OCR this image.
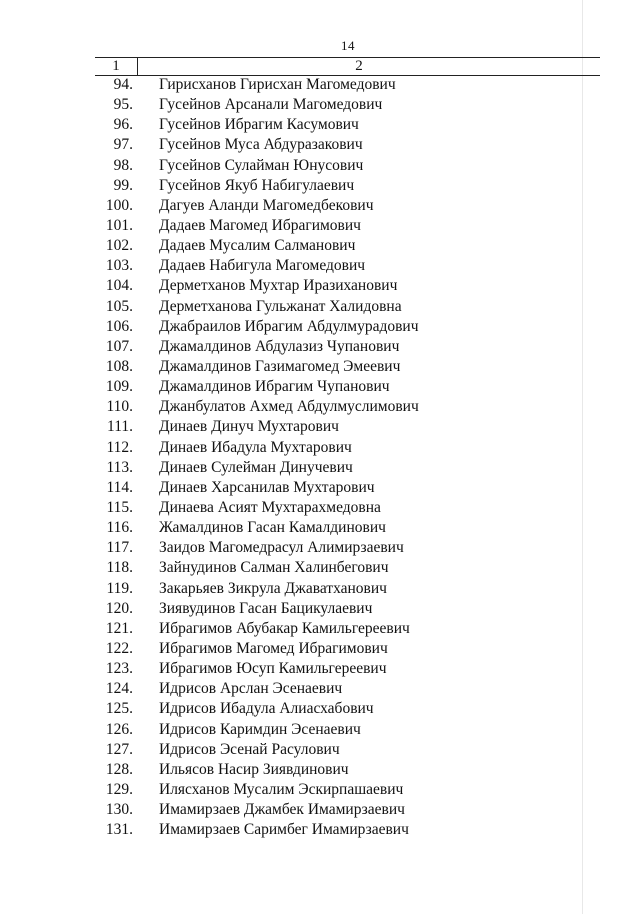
14
1	2
94.	Гирисханов Гирисхан Магомедович
95.	Гусейнов Арсанали Магомедович
96.	Гусейнов Ибрагим Касумович
97.	Гусейнов Муса Абдуразакович
98.	Гусейнов Сулайман Юнусович
99.	Гусейнов Якуб Набигулаевич
100.	Дагуев Аланди Магомедбекович
101.	Дадаев Магомед Ибрагимович
102.	Дадаев Мусалим Салманович
103.	Дадаев Набигула Магомедович
104.	Дерметханов Мухтар Иразиханович
105.	Дерметханова Гульжанат Халидовна
106.	Джабраилов Ибрагим Абдулмурадович
107.	Джамалдинов Абдулазиз Чупанович
108.	Джамалдинов Газимагомед Эмеевич
109.	Джамалдинов Ибрагим Чупанович
110.	Джанбулатов Ахмед Абдулмуслимович
111.	Динаев Динуч Мухтарович
112.	Динаев Ибадула Мухтарович
113.	Динаев Сулейман Динучевич
114.	Динаев Харсанилав Мухтарович
115.	Динаева Асият Мухтарахмедовна
116.	Жамалдинов Гасан Камалдинович
117.	Заидов Магомедрасул Алимирзаевич
118.	Зайнудинов Салман Халинбегович
119.	Закарьяев Зикрула Джаватханович
120.	Зиявудинов Гасан Бацикулаевич
121.	Ибрагимов Абубакар Камильгереевич
122.	Ибрагимов Магомед Ибрагимович
123.	Ибрагимов Юсуп Камильгереевич
124.	Идрисов Арслан Эсенаевич
125.	Идрисов Ибадула Алиасхабович
126.	Идрисов Каримдин Эсенаевич
127.	Идрисов Эсенай Расулович
128.	Ильясов Насир Зиявдинович
129.	Илясханов Мусалим Эскирпашаевич
130.	Имамирзаев Джамбек Имамирзаевич
131.	Имамирзаев Саримбег Имамирзаевич
